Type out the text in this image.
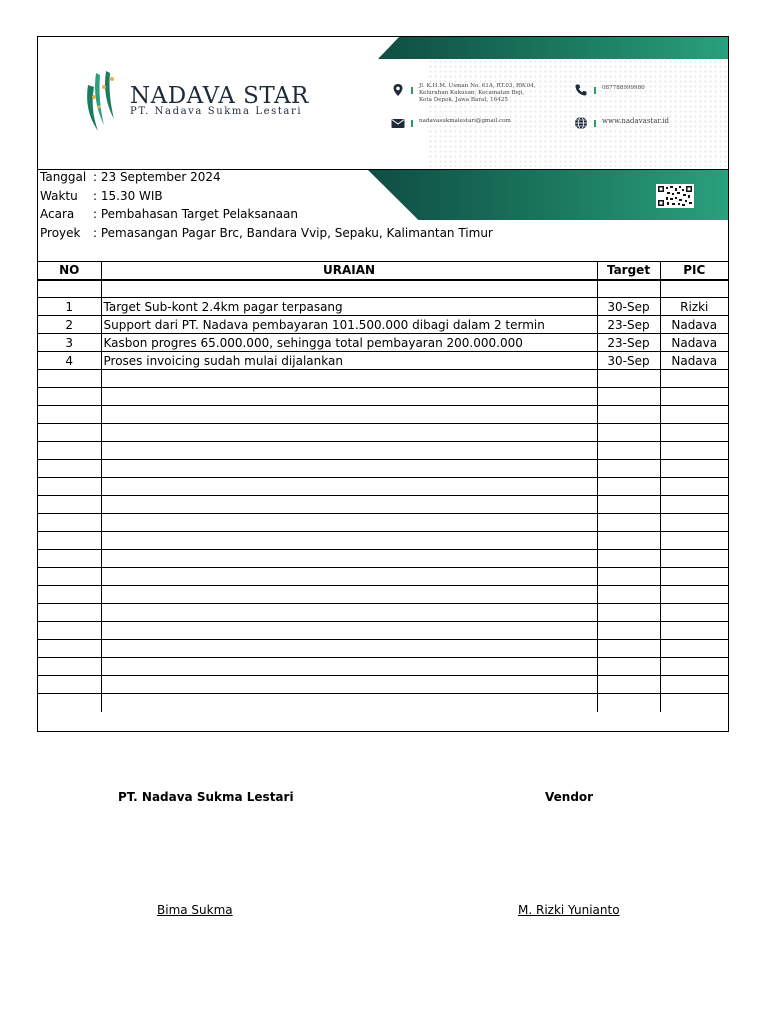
NADAVA STAR
PT. Nadava Sukma Lestari
Jl. K.H.M. Usman No. 61A, RT.03, RW.04,
Kelurahan Kukusan, Kecamatan Beji,
Kota Depok, Jawa Barat, 16425
087788999980
nadavasukmalestari@gmail.com	www.nadavastar.id
Tanggal : 23 September 2024
Waktu : 15.30 WIB
Acara : Pembahasan Target Pelaksanaan
Proyek : Pemasangan Pagar Brc, Bandara Vvip, Sepaku, Kalimantan Timur
NO	URAIAN	Target	PIC

1	Target Sub-kont 2.4km pagar terpasang	30-Sep	Rizki
2	Support dari PT. Nadava pembayaran 101.500.000 dibagi dalam 2 termin	23-Sep	Nadava
3	Kasbon progres 65.000.000, sehingga total pembayaran 200.000.000	23-Sep	Nadava
4	Proses invoicing sudah mulai dijalankan	30-Sep	Nadava

PT. Nadava Sukma Lestari	Vendor
Bima Sukma	M. Rizki Yunianto
